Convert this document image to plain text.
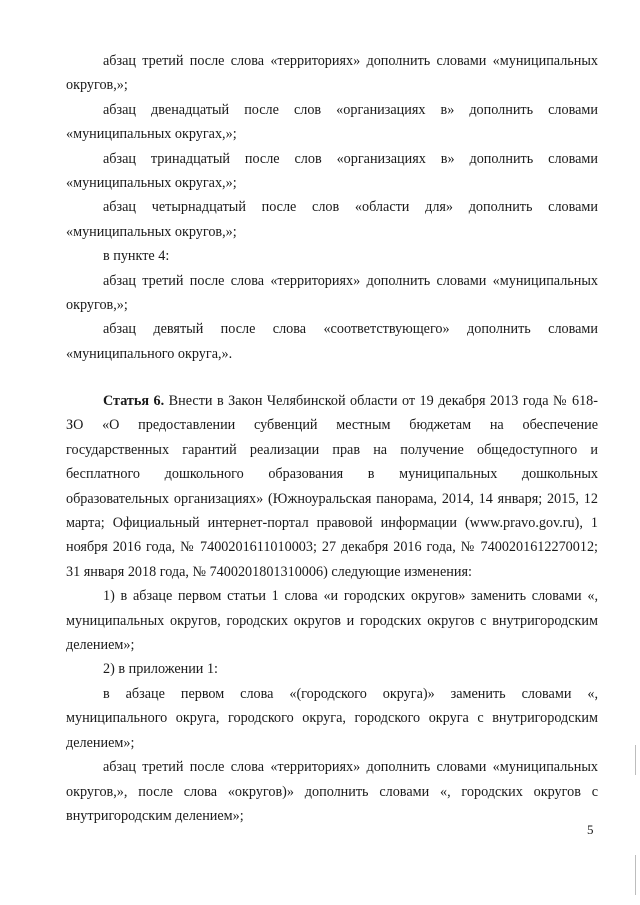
абзац третий после слова «территориях» дополнить словами «муниципальных округов,»;

абзац двенадцатый после слов «организациях в» дополнить словами «муниципальных округах,»;

абзац тринадцатый после слов «организациях в» дополнить словами «муниципальных округах,»;

абзац четырнадцатый после слов «области для» дополнить словами «муниципальных округов,»;

в пункте 4:

абзац третий после слова «территориях» дополнить словами «муниципальных округов,»;

абзац девятый после слова «соответствующего» дополнить словами «муниципального округа,».

Статья 6. Внести в Закон Челябинской области от 19 декабря 2013 года № 618-ЗО «О предоставлении субвенций местным бюджетам на обеспечение государственных гарантий реализации прав на получение общедоступного и бесплатного дошкольного образования в муниципальных дошкольных образовательных организациях» (Южноуральская панорама, 2014, 14 января; 2015, 12 марта; Официальный интернет-портал правовой информации (www.pravo.gov.ru), 1 ноября 2016 года, № 7400201611010003; 27 декабря 2016 года, № 7400201612270012; 31 января 2018 года, № 7400201801310006) следующие изменения:

1) в абзаце первом статьи 1 слова «и городских округов» заменить словами «, муниципальных округов, городских округов и городских округов с внутригородским делением»;

2) в приложении 1:

в абзаце первом слова «(городского округа)» заменить словами «, муниципального округа, городского округа, городского округа с внутригородским делением»;

абзац третий после слова «территориях» дополнить словами «муниципальных округов,», после слова «округов)» дополнить словами «, городских округов с внутригородским делением»;

5
